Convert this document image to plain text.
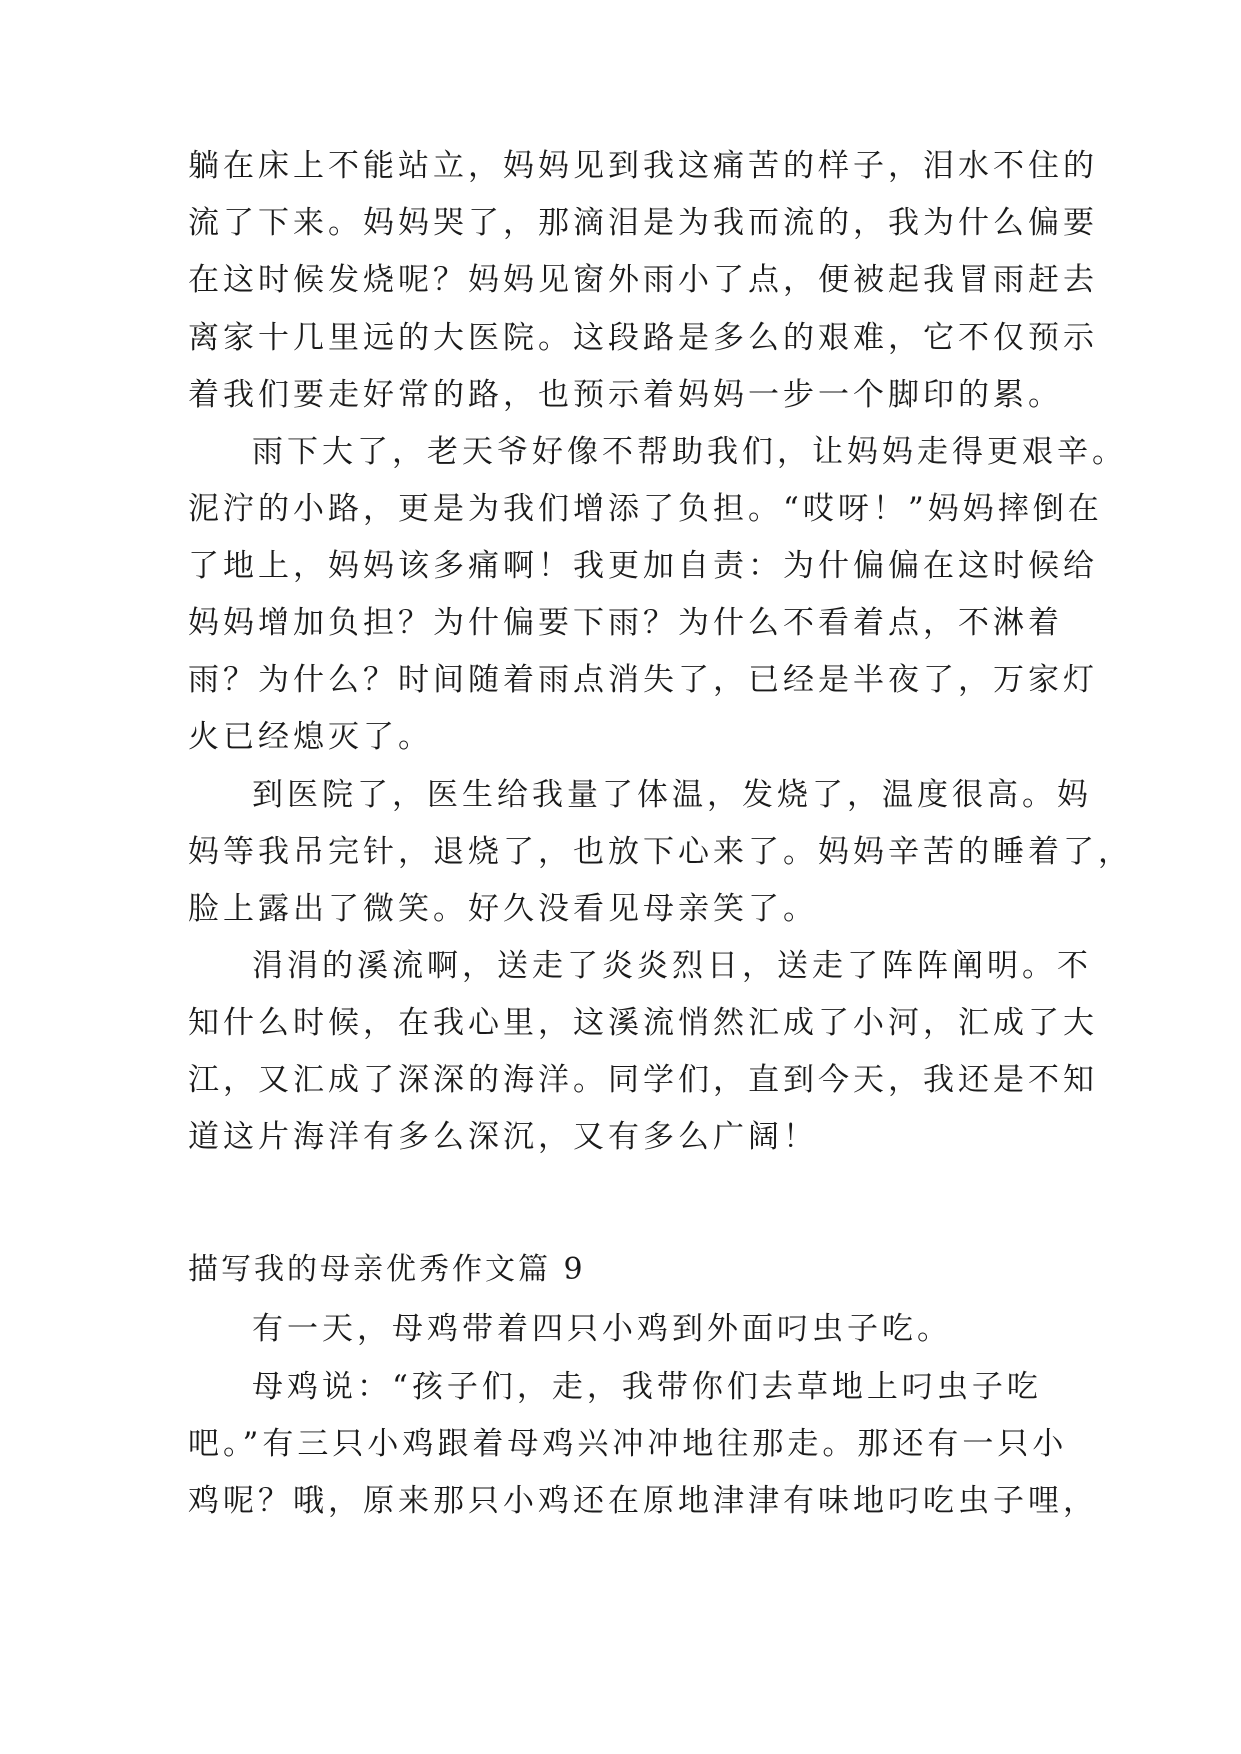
躺在床上不能站立，妈妈见到我这痛苦的样子，泪水不住的
流了下来。妈妈哭了，那滴泪是为我而流的，我为什么偏要
在这时候发烧呢？妈妈见窗外雨小了点，便被起我冒雨赶去
离家十几里远的大医院。这段路是多么的艰难，它不仅预示
着我们要走好常的路，也预示着妈妈一步一个脚印的累。
雨下大了，老天爷好像不帮助我们，让妈妈走得更艰辛。
泥泞的小路，更是为我们增添了负担。“哎呀！”妈妈摔倒在
了地上，妈妈该多痛啊！我更加自责：为什偏偏在这时候给
妈妈增加负担？为什偏要下雨？为什么不看着点，不淋着
雨？为什么？时间随着雨点消失了，已经是半夜了，万家灯
火已经熄灭了。
到医院了，医生给我量了体温，发烧了，温度很高。妈
妈等我吊完针，退烧了，也放下心来了。妈妈辛苦的睡着了，
脸上露出了微笑。好久没看见母亲笑了。
涓涓的溪流啊，送走了炎炎烈日，送走了阵阵阐明。不
知什么时候，在我心里，这溪流悄然汇成了小河，汇成了大
江，又汇成了深深的海洋。同学们，直到今天，我还是不知
道这片海洋有多么深沉，又有多么广阔！
描写我的母亲优秀作文篇 9
有一天，母鸡带着四只小鸡到外面叼虫子吃。
母鸡说：“孩子们，走，我带你们去草地上叼虫子吃
吧。”有三只小鸡跟着母鸡兴冲冲地往那走。那还有一只小
鸡呢？哦，原来那只小鸡还在原地津津有味地叼吃虫子哩，
